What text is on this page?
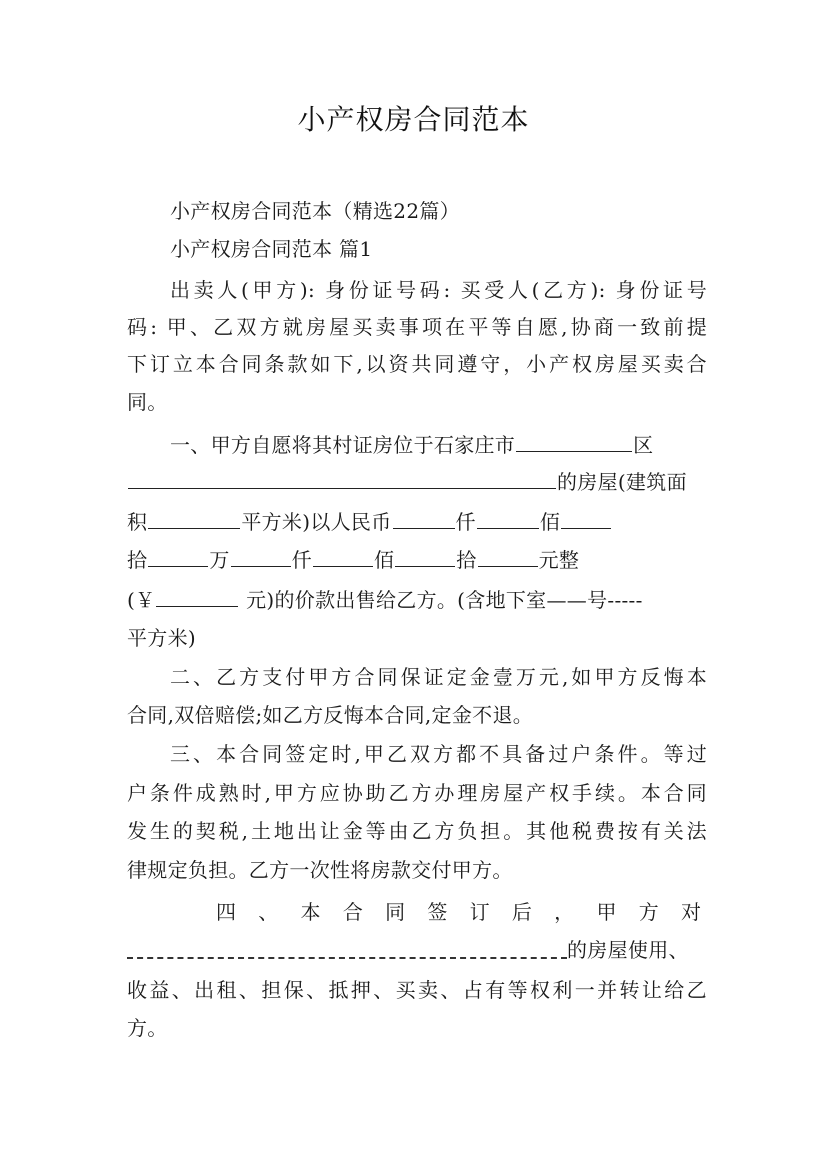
小产权房合同范本
小产权房合同范本（精选22篇）
小产权房合同范本 篇1
出卖人(甲方): 身份证号码: 买受人(乙方): 身份证号
码: 甲、乙双方就房屋买卖事项在平等自愿,协商一致前提
下订立本合同条款如下,以资共同遵守，小产权房屋买卖合
同。
一、甲方自愿将其村证房位于石家庄市	区
的房屋(建筑面
积	平方米)以人民币	仟	佰
拾	万	仟	佰	拾	元整
(￥	元)的价款出售给乙方。(含地下室——号-----
平方米)
二、乙方支付甲方合同保证定金壹万元,如甲方反悔本
合同,双倍赔偿;如乙方反悔本合同,定金不退。
三、本合同签定时,甲乙双方都不具备过户条件。等过
户条件成熟时,甲方应协助乙方办理房屋产权手续。本合同
发生的契税,土地出让金等由乙方负担。其他税费按有关法
律规定负担。乙方一次性将房款交付甲方。
四、本合同签订后，甲方对
的房屋使用、
收益、出租、担保、抵押、买卖、占有等权利一并转让给乙
方。
